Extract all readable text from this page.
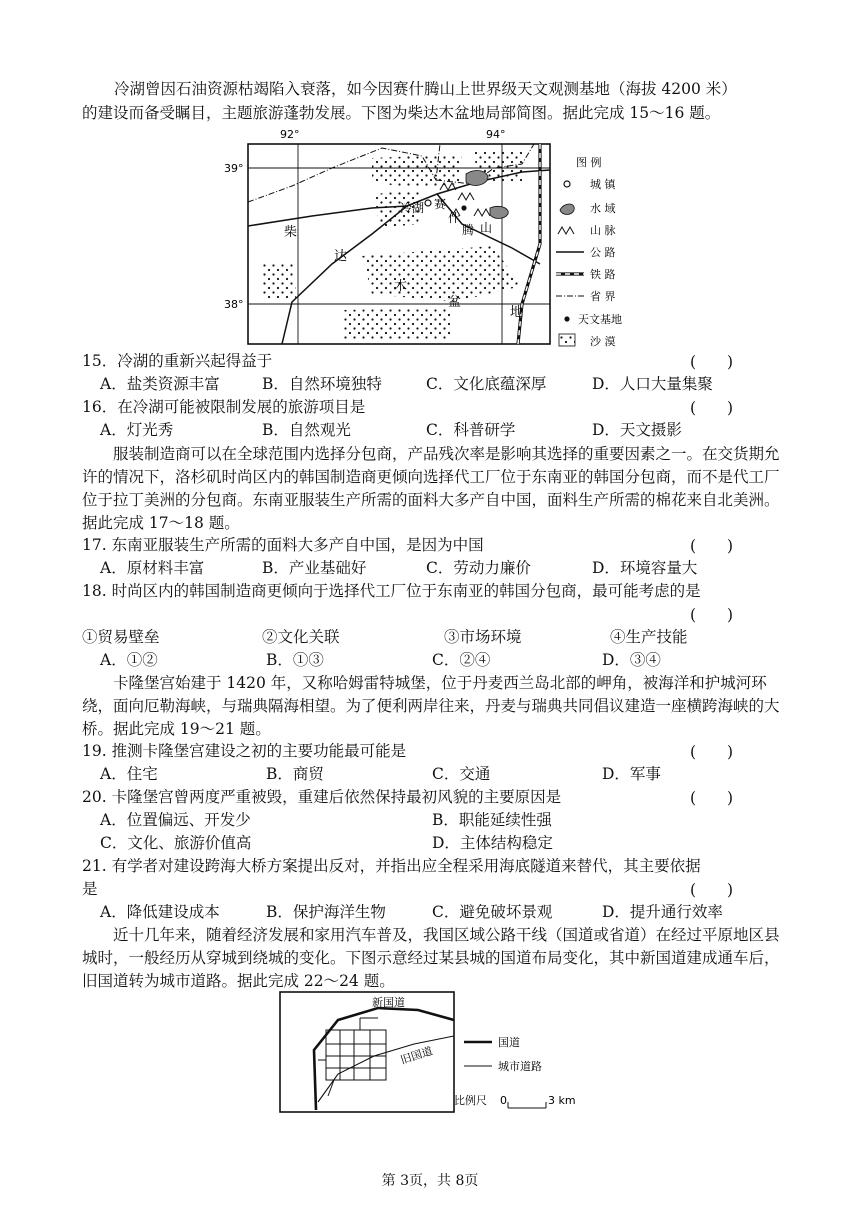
冷湖曾因石油资源枯竭陷入衰落，如今因赛什腾山上世界级天文观测基地（海拔 4200 米）
的建设而备受瞩目，主题旅游蓬勃发展。下图为柴达木盆地局部简图。据此完成 15～16 题。
92°	94°
39°
38°
冷湖 赛
什
腾 山
柴
达
木
盆
地
图 例
城 镇
水 域
山 脉
公 路
铁 路
省 界
天文基地
沙 漠
15．冷湖的重新兴起得益于	(　　)
A．盐类资源丰富	B．自然环境独特	C．文化底蕴深厚	D．人口大量集聚
16．在冷湖可能被限制发展的旅游项目是	(　　)
A．灯光秀	B．自然观光	C．科普研学	D．天文摄影

服装制造商可以在全球范围内选择分包商，产品残次率是影响其选择的重要因素之一。在交货期允许的情况下，洛杉矶时尚区内的韩国制造商更倾向选择代工厂位于东南亚的韩国分包商，而不是代工厂位于拉丁美洲的分包商。东南亚服装生产所需的面料大多产自中国，面料生产所需的棉花来自北美洲。据此完成 17～18 题。

17. 东南亚服装生产所需的面料大多产自中国，是因为中国	(　　)
A．原材料丰富	B．产业基础好	C．劳动力廉价	D．环境容量大
18. 时尚区内的韩国制造商更倾向于选择代工厂位于东南亚的韩国分包商，最可能考虑的是
(　　)
①贸易壁垒	②文化关联	③市场环境	④生产技能
A．①②	B．①③	C．②④	D．③④

卡隆堡宫始建于 1420 年，又称哈姆雷特城堡，位于丹麦西兰岛北部的岬角，被海洋和护城河环绕，面向厄勒海峡，与瑞典隔海相望。为了便利两岸往来，丹麦与瑞典共同倡议建造一座横跨海峡的大桥。据此完成 19～21 题。

19. 推测卡隆堡宫建设之初的主要功能最可能是	(　　)
A．住宅	B．商贸	C．交通	D．军事
20. 卡隆堡宫曾两度严重被毁，重建后依然保持最初风貌的主要原因是	(　　)
A．位置偏远、开发少	B．职能延续性强
C．文化、旅游价值高	D．主体结构稳定
21. 有学者对建设跨海大桥方案提出反对，并指出应全程采用海底隧道来替代，其主要依据
是	(　　)
A．降低建设成本	B．保护海洋生物	C．避免破坏景观	D．提升通行效率

近十几年来，随着经济发展和家用汽车普及，我国区域公路干线（国道或省道）在经过平原地区县城时，一般经历从穿城到绕城的变化。下图示意经过某县城的国道布局变化，其中新国道建成通车后，旧国道转为城市道路。据此完成 22～24 题。

新国道
旧国道
国道
城市道路
比例尺 0	3 km
第 3页，共 8页
